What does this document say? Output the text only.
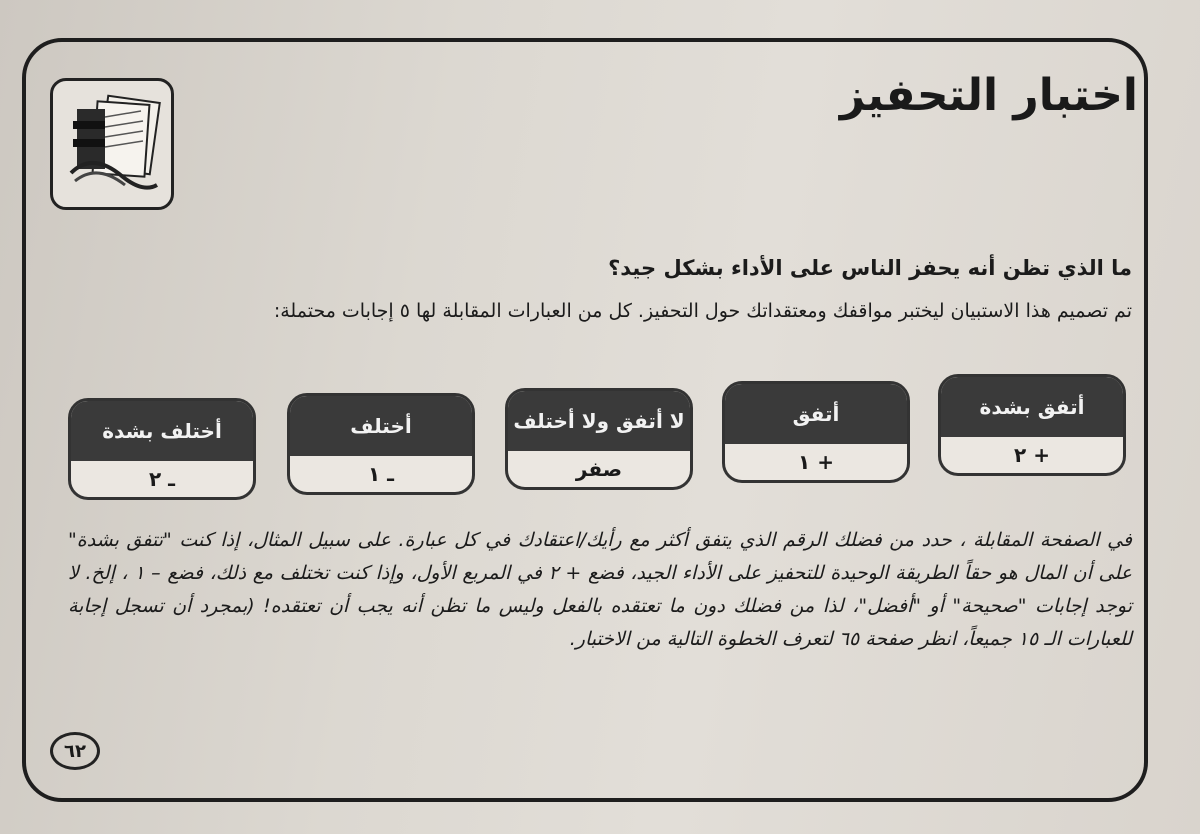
اختبار التحفيز
ما الذي تظن أنه يحفز الناس على الأداء بشكل جيد؟
تم تصميم هذا الاستبيان ليختبر مواقفك ومعتقداتك حول التحفيز. كل من العبارات المقابلة لها ٥ إجابات محتملة:
أتفق بشدة
+ ٢
أتفق
+ ١
لا أتفق ولا أختلف
صفر
أختلف
ـ ١
أختلف بشدة
ـ ٢
في الصفحة المقابلة ، حدد من فضلك الرقم الذي يتفق أكثر مع رأيك/اعتقادك في كل عبارة. على سبيل المثال، إذا كنت "تتفق بشدة" على أن المال هو حقاً الطريقة الوحيدة للتحفيز على الأداء الجيد، فضع + ٢ في المربع الأول، وإذا كنت تختلف مع ذلك، فضع – ١ ، إلخ. لا توجد إجابات "صحيحة" أو "أفضل"، لذا من فضلك دون ما تعتقده بالفعل وليس ما تظن أنه يجب أن تعتقده! (بمجرد أن تسجل إجابة للعبارات الـ ١٥ جميعاً، انظر صفحة ٦٥ لتعرف الخطوة التالية من الاختبار.
٦٢
